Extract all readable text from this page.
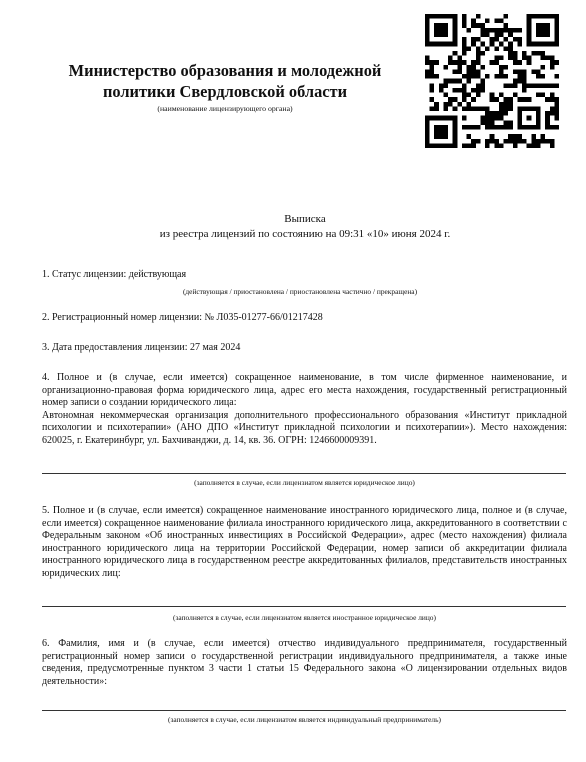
Министерство образования и молодежной
политики Свердловской области
(наименование лицензирующего органа)
Выписка
из реестра лицензий по состоянию на 09:31 «10» июня 2024 г.
1. Статус лицензии: действующая
(действующая / приостановлена / приостановлена частично / прекращена)
2. Регистрационный номер лицензии: № Л035-01277-66/01217428
3. Дата предоставления лицензии: 27 мая 2024

4. Полное и (в случае, если имеется) сокращенное наименование, в том числе фирменное наименование, и организационно-правовая форма юридического лица, адрес его места нахождения, государственный регистрационный номер записи о создании юридического лица:

Автономная некоммерческая организация дополнительного профессионального образования «Институт прикладной психологии и психотерапии» (АНО ДПО «Институт прикладной психологии и психотерапии»). Место нахождения: 620025, г. Екатеринбург, ул. Бахчиванджи, д. 14, кв. 36. ОГРН: 1246600009391.

(заполняется в случае, если лицензиатом является юридическое лицо)

5. Полное и (в случае, если имеется) сокращенное наименование иностранного юридического лица, полное и (в случае, если имеется) сокращенное наименование филиала иностранного юридического лица, аккредитованного в соответствии с Федеральным законом «Об иностранных инвестициях в Российской Федерации», адрес (место нахождения) филиала иностранного юридического лица на территории Российской Федерации, номер записи об аккредитации филиала иностранного юридического лица в государственном реестре аккредитованных филиалов, представительств иностранных юридических лиц:

(заполняется в случае, если лицензиатом является иностранное юридическое лицо)

6. Фамилия, имя и (в случае, если имеется) отчество индивидуального предпринимателя, государственный регистрационный номер записи о государственной регистрации индивидуального предпринимателя, а также иные сведения, предусмотренные пунктом 3 части 1 статьи 15 Федерального закона «О лицензировании отдельных видов деятельности»:

(заполняется в случае, если лицензиатом является индивидуальный предприниматель)
